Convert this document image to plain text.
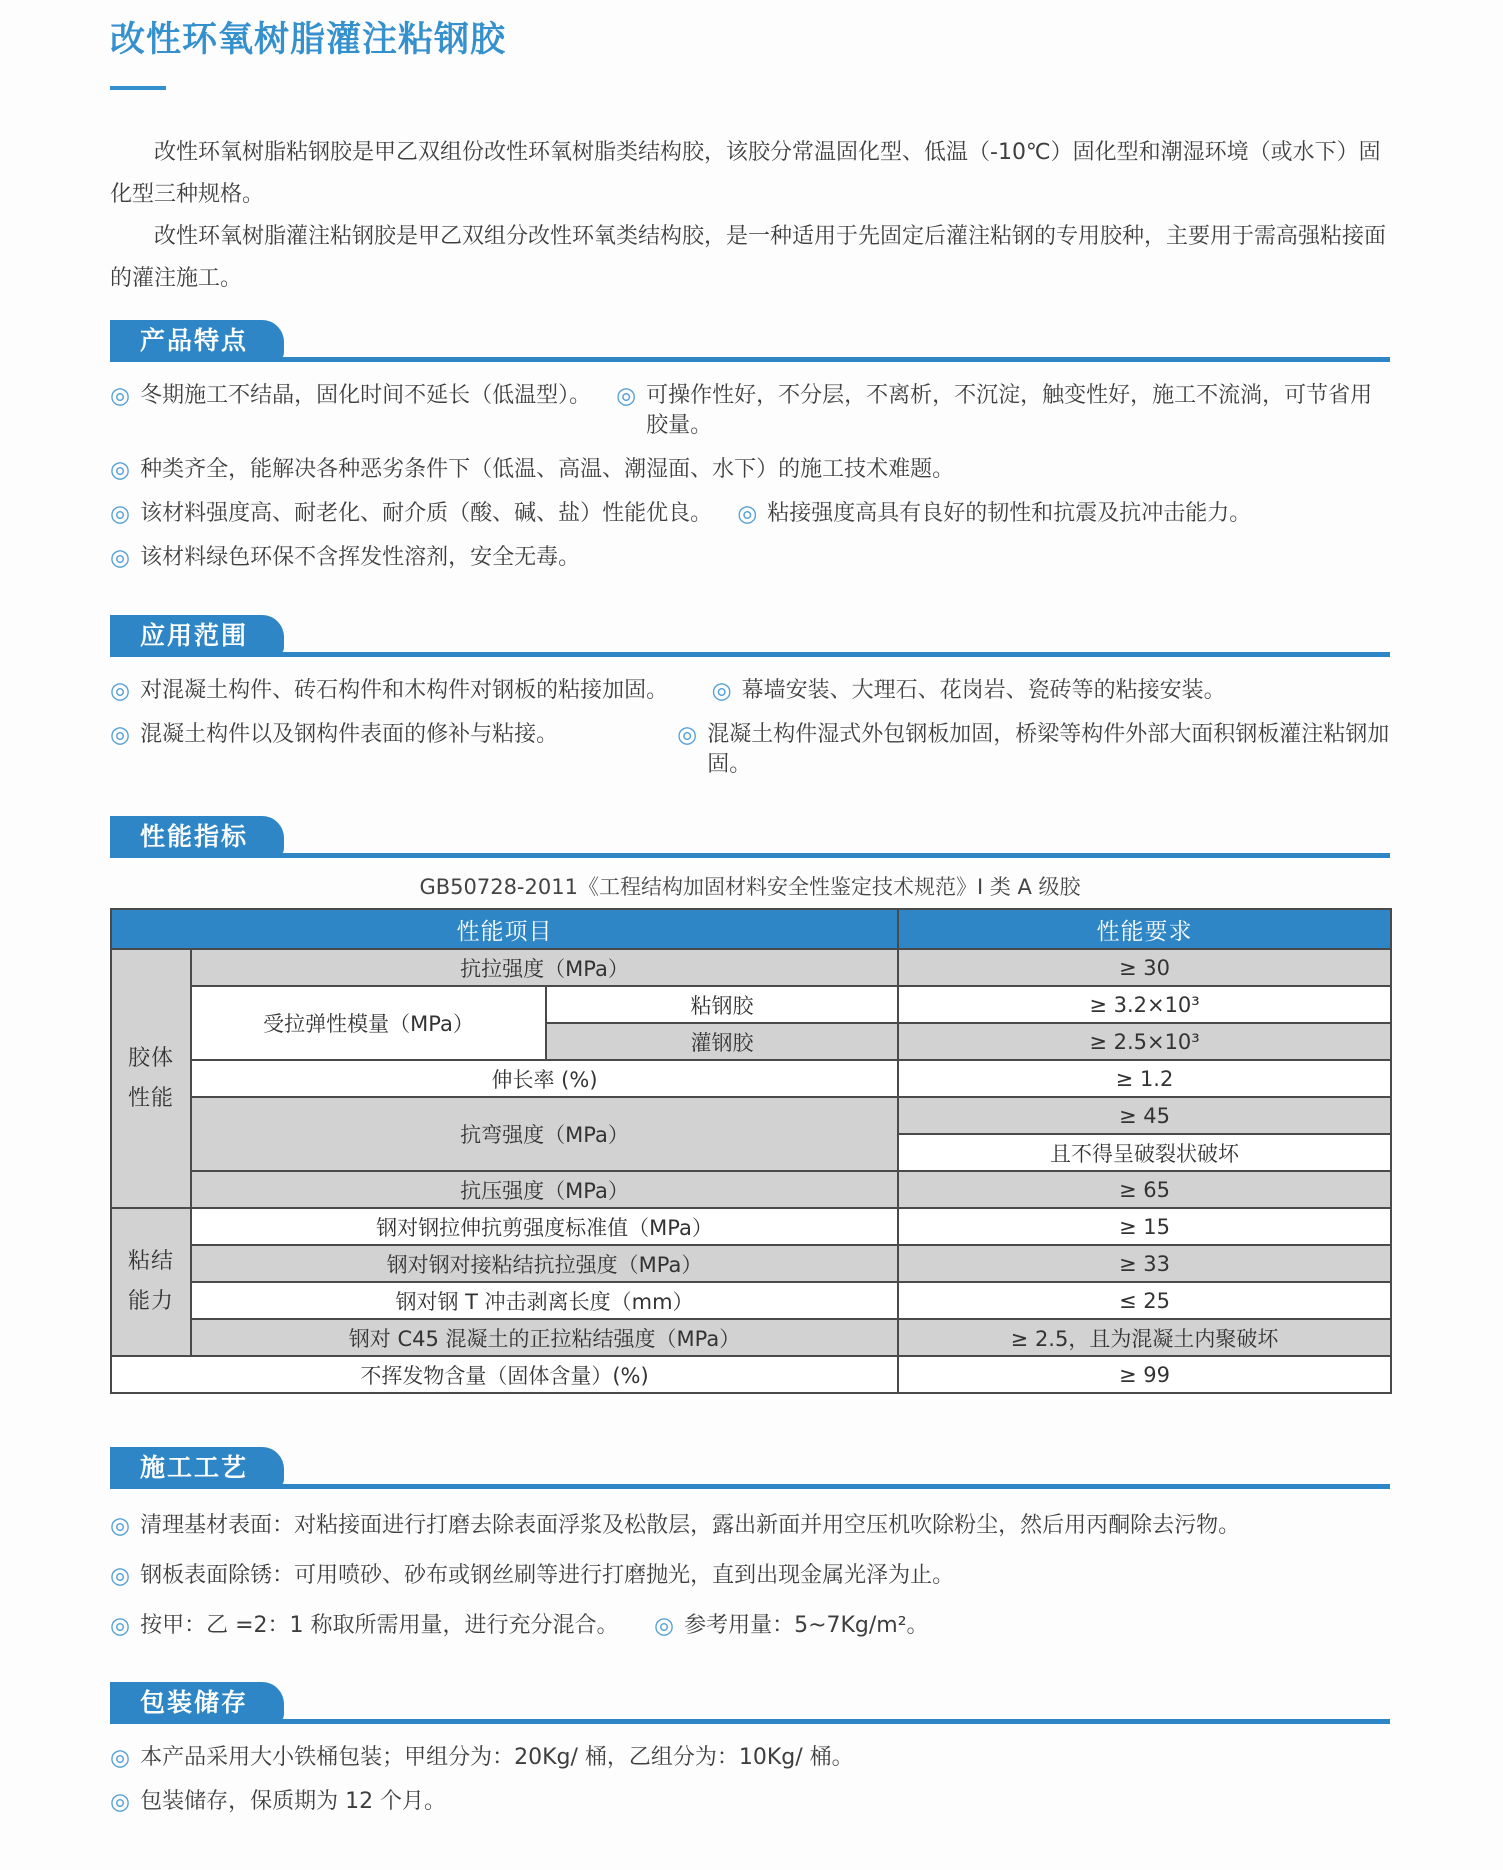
改性环氧树脂灌注粘钢胶

改性环氧树脂粘钢胶是甲乙双组份改性环氧树脂类结构胶，该胶分常温固化型、低温（-10℃）固化型和潮湿环境（或水下）固化型三种规格。

改性环氧树脂灌注粘钢胶是甲乙双组分改性环氧类结构胶，是一种适用于先固定后灌注粘钢的专用胶种，主要用于需高强粘接面的灌注施工。

产品特点
◎ 冬期施工不结晶，固化时间不延长（低温型）。 ◎ 可操作性好，不分层，不离析，不沉淀，触变性好，施工不流淌，可节省用胶量。
◎ 种类齐全，能解决各种恶劣条件下（低温、高温、潮湿面、水下）的施工技术难题。
◎ 该材料强度高、耐老化、耐介质（酸、碱、盐）性能优良。 ◎ 粘接强度高具有良好的韧性和抗震及抗冲击能力。
◎ 该材料绿色环保不含挥发性溶剂，安全无毒。
应用范围
◎ 对混凝土构件、砖石构件和木构件对钢板的粘接加固。 ◎ 幕墙安装、大理石、花岗岩、瓷砖等的粘接安装。
◎ 混凝土构件以及钢构件表面的修补与粘接。	◎ 混凝土构件湿式外包钢板加固，桥梁等构件外部大面积钢板灌注粘钢加固。
性能指标
GB50728-2011《工程结构加固材料安全性鉴定技术规范》I 类 A 级胶
性能项目			性能要求
胶体性能	抗拉强度（MPa）		≥ 30
	受拉弹性模量（MPa）	粘钢胶	≥ 3.2×10³
		灌钢胶	≥ 2.5×10³
	伸长率 (%)		≥ 1.2
	抗弯强度（MPa）		≥ 45
			且不得呈破裂状破坏
	抗压强度（MPa）		≥ 65
粘结能力	钢对钢拉伸抗剪强度标准值（MPa）		≥ 15
	钢对钢对接粘结抗拉强度（MPa）		≥ 33
	钢对钢 T 冲击剥离长度（mm）		≤ 25
	钢对 C45 混凝土的正拉粘结强度（MPa）		≥ 2.5，且为混凝土内聚破坏
不挥发物含量（固体含量）(%)			≥ 99
施工工艺
◎ 清理基材表面：对粘接面进行打磨去除表面浮浆及松散层，露出新面并用空压机吹除粉尘，然后用丙酮除去污物。
◎ 钢板表面除锈：可用喷砂、砂布或钢丝刷等进行打磨抛光，直到出现金属光泽为止。
◎ 按甲：乙 =2：1 称取所需用量，进行充分混合。 ◎ 参考用量：5~7Kg/m²。
包装储存
◎ 本产品采用大小铁桶包装；甲组分为：20Kg/ 桶，乙组分为：10Kg/ 桶。
◎ 包装储存，保质期为 12 个月。
